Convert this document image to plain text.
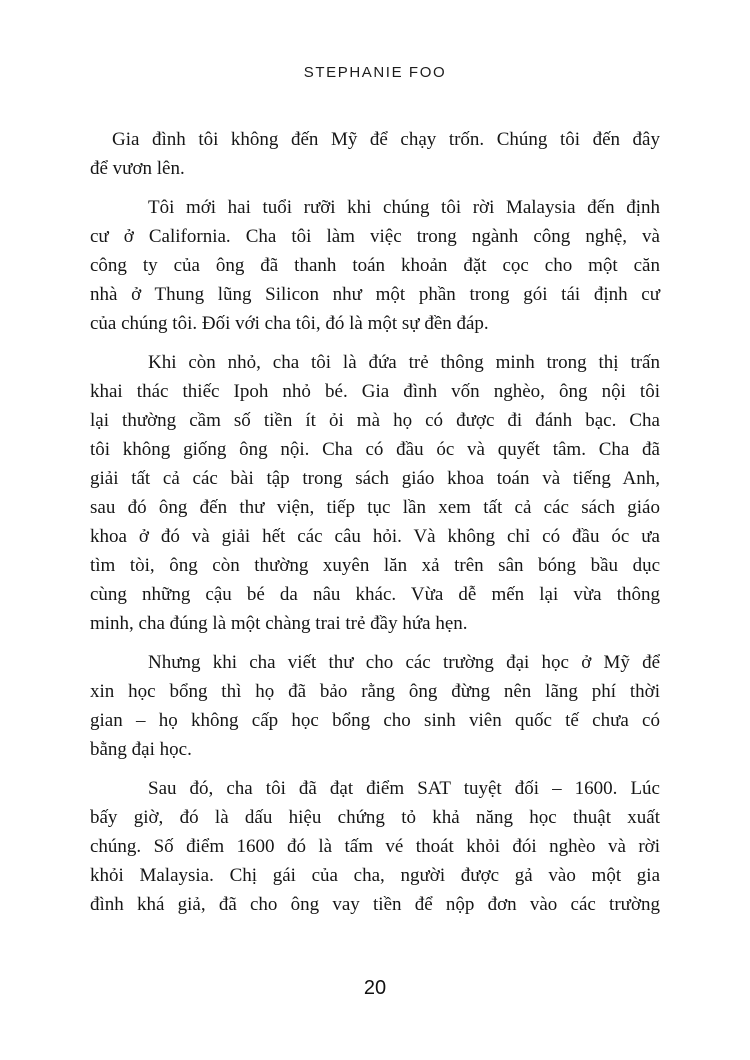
STEPHANIE FOO
Gia đình tôi không đến Mỹ để chạy trốn. Chúng tôi đến đây
để vươn lên.
Tôi mới hai tuổi rưỡi khi chúng tôi rời Malaysia đến định
cư ở California. Cha tôi làm việc trong ngành công nghệ, và
công ty của ông đã thanh toán khoản đặt cọc cho một căn
nhà ở Thung lũng Silicon như một phần trong gói tái định cư
của chúng tôi. Đối với cha tôi, đó là một sự đền đáp.
Khi còn nhỏ, cha tôi là đứa trẻ thông minh trong thị trấn
khai thác thiếc Ipoh nhỏ bé. Gia đình vốn nghèo, ông nội tôi
lại thường cầm số tiền ít ỏi mà họ có được đi đánh bạc. Cha
tôi không giống ông nội. Cha có đầu óc và quyết tâm. Cha đã
giải tất cả các bài tập trong sách giáo khoa toán và tiếng Anh,
sau đó ông đến thư viện, tiếp tục lần xem tất cả các sách giáo
khoa ở đó và giải hết các câu hỏi. Và không chỉ có đầu óc ưa
tìm tòi, ông còn thường xuyên lăn xả trên sân bóng bầu dục
cùng những cậu bé da nâu khác. Vừa dễ mến lại vừa thông
minh, cha đúng là một chàng trai trẻ đầy hứa hẹn.
Nhưng khi cha viết thư cho các trường đại học ở Mỹ để
xin học bổng thì họ đã bảo rằng ông đừng nên lãng phí thời
gian – họ không cấp học bổng cho sinh viên quốc tế chưa có
bằng đại học.
Sau đó, cha tôi đã đạt điểm SAT tuyệt đối – 1600. Lúc
bấy giờ, đó là dấu hiệu chứng tỏ khả năng học thuật xuất
chúng. Số điểm 1600 đó là tấm vé thoát khỏi đói nghèo và rời
khỏi Malaysia. Chị gái của cha, người được gả vào một gia
đình khá giả, đã cho ông vay tiền để nộp đơn vào các trường
20
